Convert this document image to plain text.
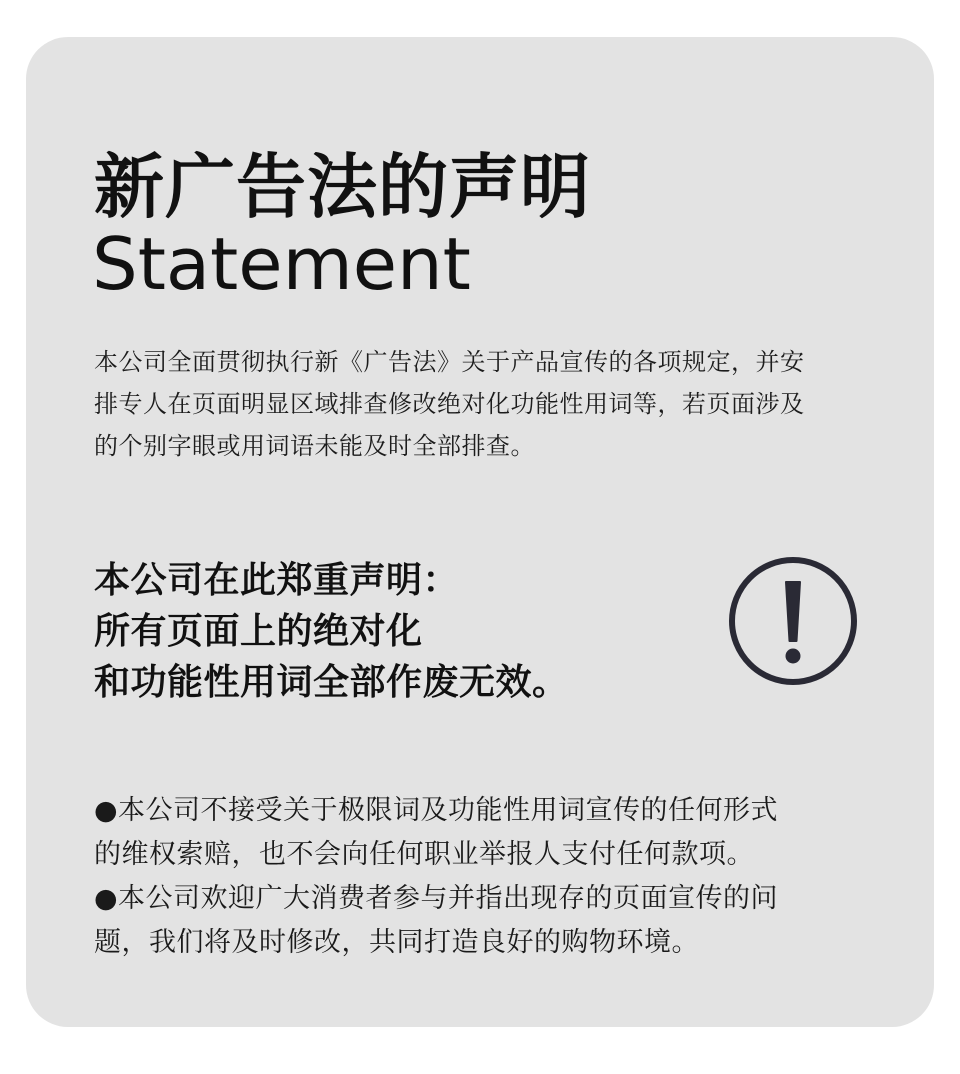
新广告法的声明
Statement

本公司全面贯彻执行新《广告法》关于产品宣传的各项规定，并安
排专人在页面明显区域排查修改绝对化功能性用词等，若页面涉及
的个别字眼或用词语未能及时全部排查。

本公司在此郑重声明：
所有页面上的绝对化
和功能性用词全部作废无效。

●本公司不接受关于极限词及功能性用词宣传的任何形式
的维权索赔，也不会向任何职业举报人支付任何款项。
●本公司欢迎广大消费者参与并指出现存的页面宣传的问
题，我们将及时修改，共同打造良好的购物环境。
